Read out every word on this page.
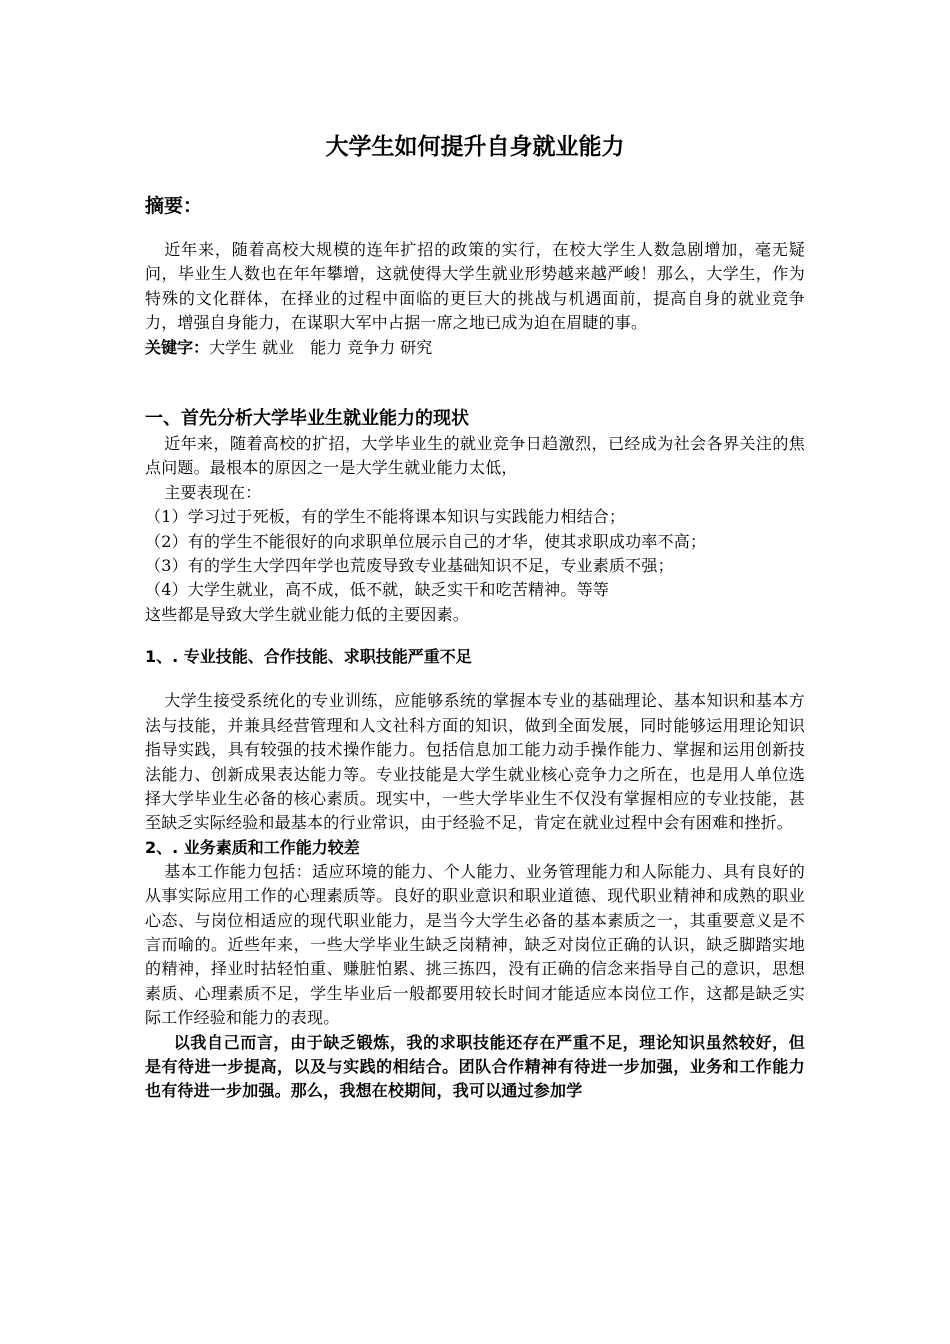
大学生如何提升自身就业能力
摘要：

近年来，随着高校大规模的连年扩招的政策的实行，在校大学生人数急剧增加，毫无疑问，毕业生人数也在年年攀增，这就使得大学生就业形势越来越严峻！那么，大学生，作为特殊的文化群体，在择业的过程中面临的更巨大的挑战与机遇面前，提高自身的就业竞争力，增强自身能力，在谋职大军中占据一席之地已成为迫在眉睫的事。

关键字：大学生 就业　能力 竞争力 研究
一、首先分析大学毕业生就业能力的现状

近年来，随着高校的扩招，大学毕业生的就业竞争日趋激烈，已经成为社会各界关注的焦点问题。最根本的原因之一是大学生就业能力太低，

主要表现在：

（1）学习过于死板，有的学生不能将课本知识与实践能力相结合；

（2）有的学生不能很好的向求职单位展示自己的才华，使其求职成功率不高；

（3）有的学生大学四年学也荒废导致专业基础知识不足，专业素质不强；

（4）大学生就业，高不成，低不就，缺乏实干和吃苦精神。等等

这些都是导致大学生就业能力低的主要因素。

1、. 专业技能、合作技能、求职技能严重不足

大学生接受系统化的专业训练，应能够系统的掌握本专业的基础理论、基本知识和基本方法与技能，并兼具经营管理和人文社科方面的知识，做到全面发展，同时能够运用理论知识指导实践，具有较强的技术操作能力。包括信息加工能力动手操作能力、掌握和运用创新技法能力、创新成果表达能力等。专业技能是大学生就业核心竞争力之所在，也是用人单位选择大学毕业生必备的核心素质。现实中，一些大学毕业生不仅没有掌握相应的专业技能，甚至缺乏实际经验和最基本的行业常识，由于经验不足，肯定在就业过程中会有困难和挫折。

2、. 业务素质和工作能力较差

基本工作能力包括：适应环境的能力、个人能力、业务管理能力和人际能力、具有良好的从事实际应用工作的心理素质等。良好的职业意识和职业道德、现代职业精神和成熟的职业心态、与岗位相适应的现代职业能力，是当今大学生必备的基本素质之一，其重要意义是不言而喻的。近些年来，一些大学毕业生缺乏岗精神，缺乏对岗位正确的认识，缺乏脚踏实地的精神，择业时拈轻怕重、赚脏怕累、挑三拣四，没有正确的信念来指导自己的意识，思想素质、心理素质不足，学生毕业后一般都要用较长时间才能适应本岗位工作，这都是缺乏实际工作经验和能力的表现。

以我自己而言，由于缺乏锻炼，我的求职技能还存在严重不足，理论知识虽然较好，但是有待进一步提高，以及与实践的相结合。团队合作精神有待进一步加强，业务和工作能力也有待进一步加强。那么，我想在校期间，我可以通过参加学
